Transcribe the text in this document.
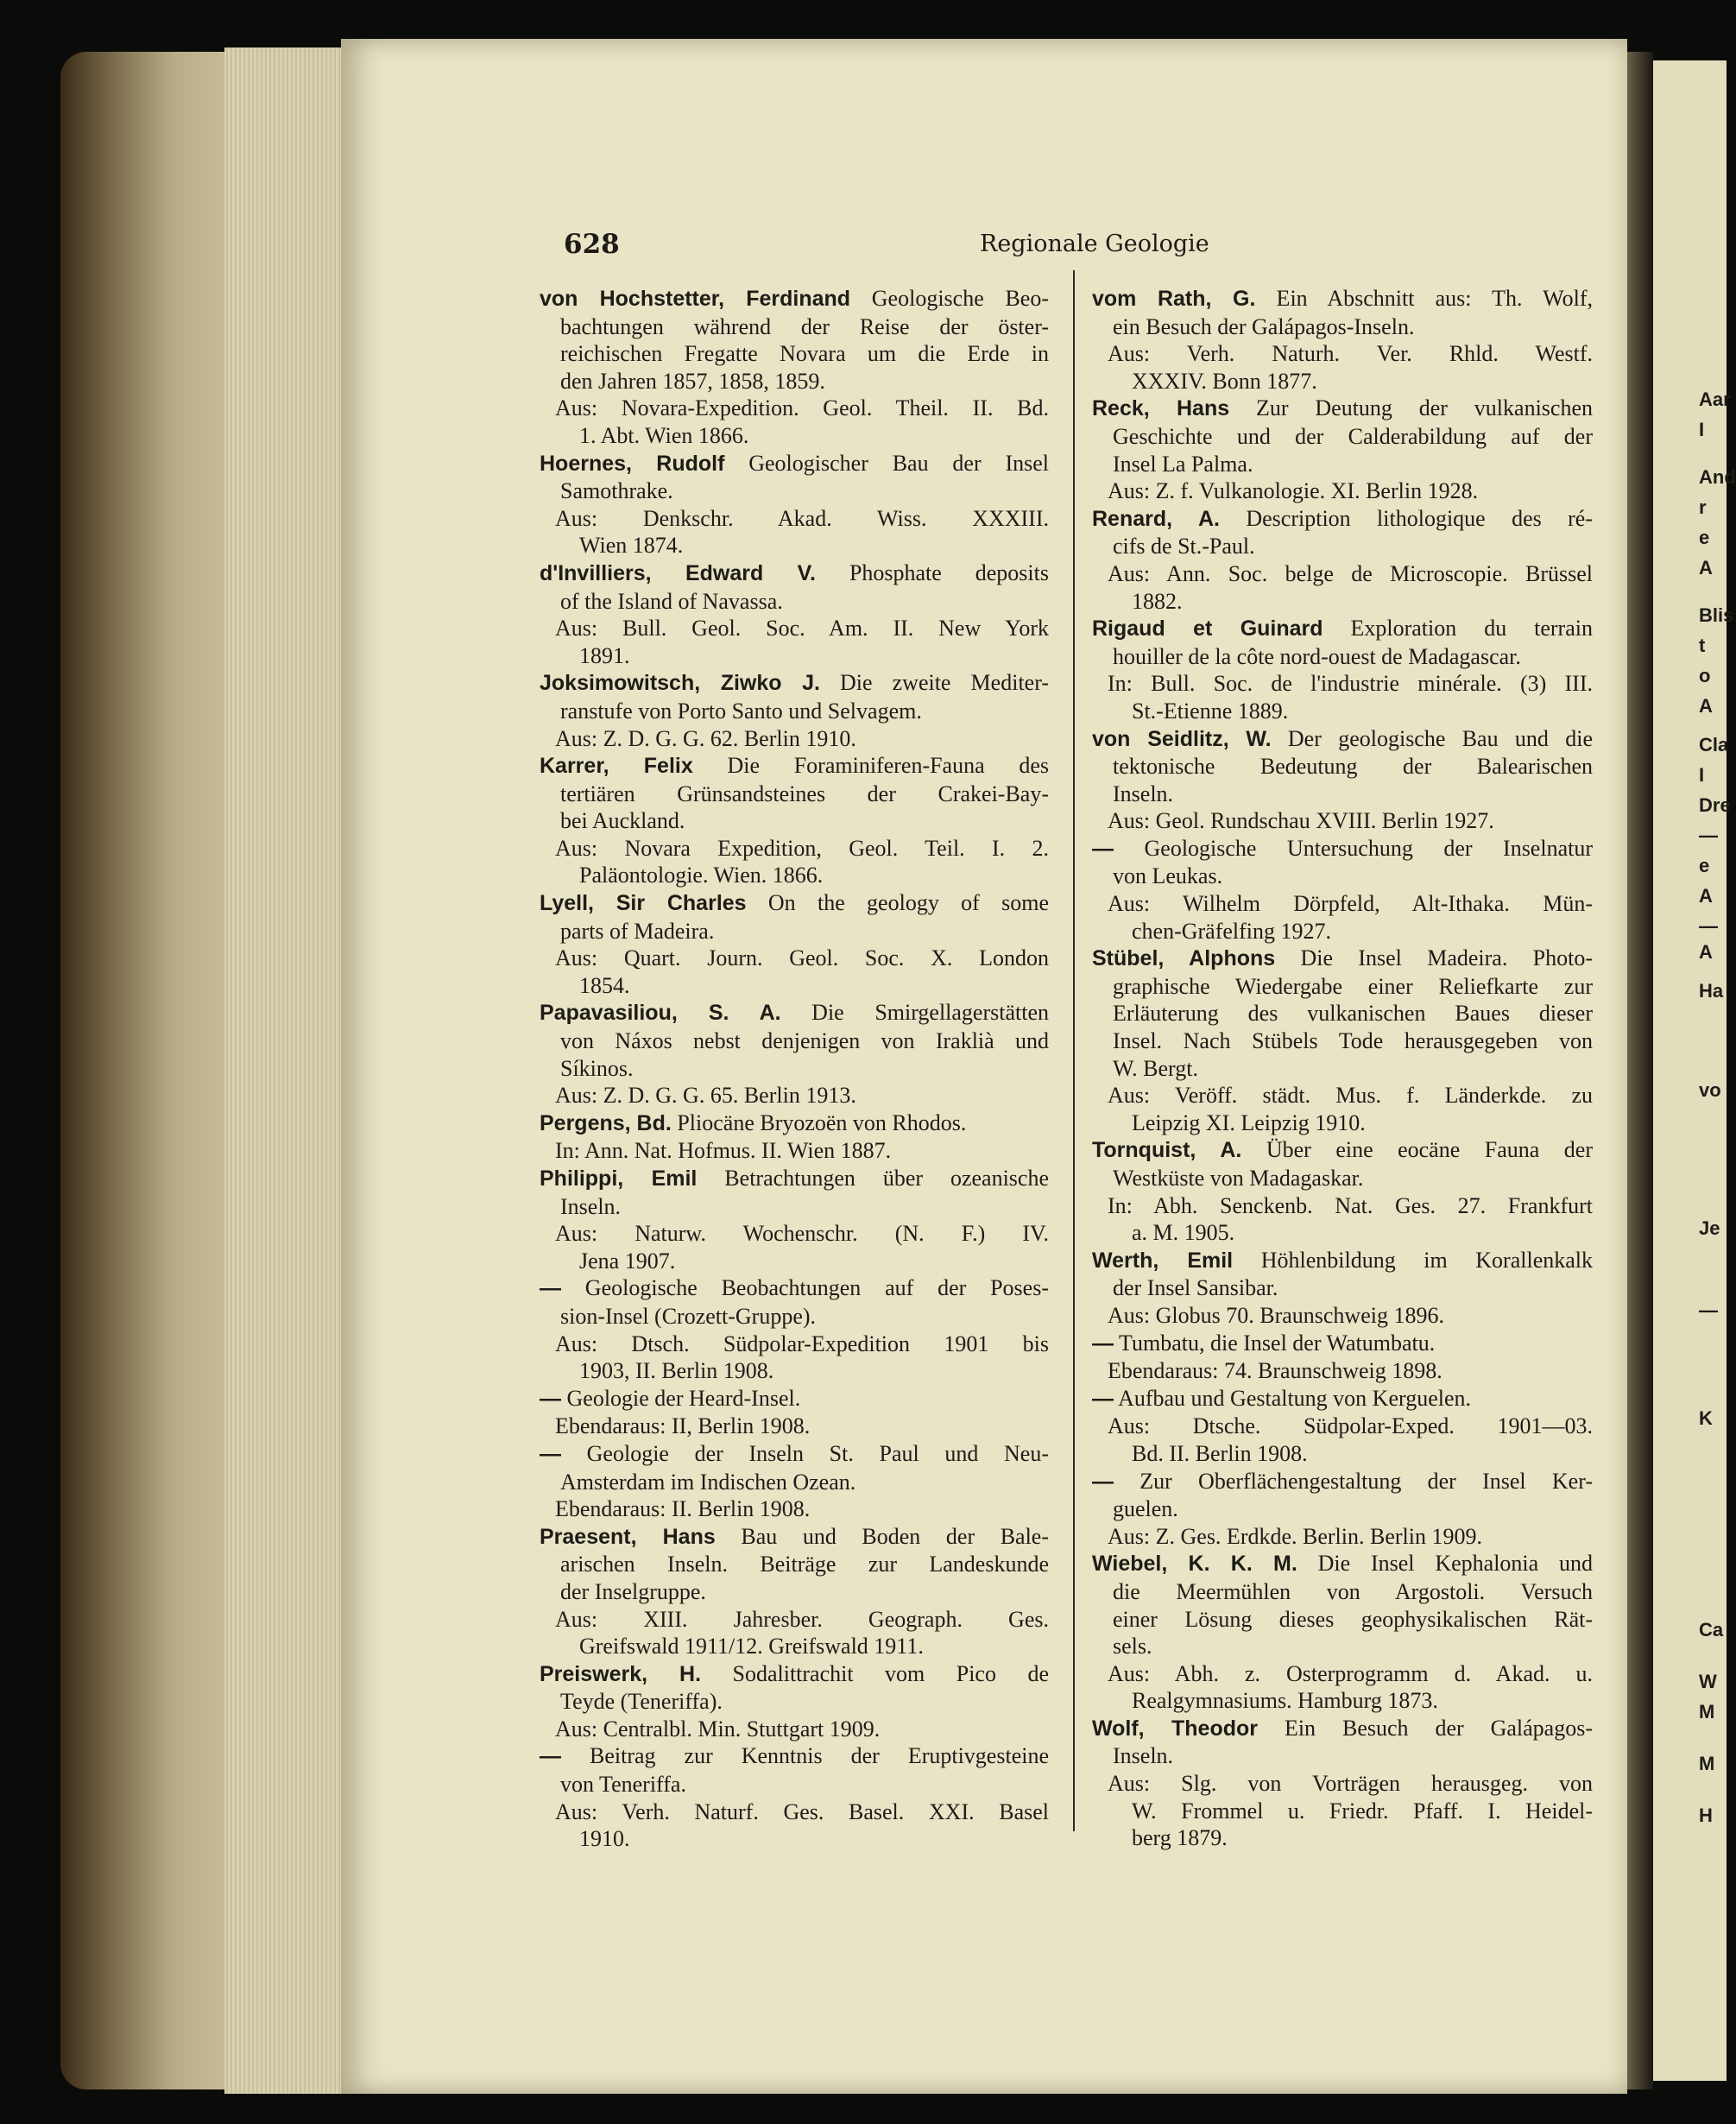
628	Regionale Geologie
von Hochstetter, Ferdinand Geologische Beo-
bachtungen während der Reise der öster-
reichischen Fregatte Novara um die Erde in
den Jahren 1857, 1858, 1859.
Aus: Novara-Expedition. Geol. Theil. II. Bd.
1. Abt. Wien 1866.
Hoernes, Rudolf Geologischer Bau der Insel
Samothrake.
Aus: Denkschr. Akad. Wiss. XXXIII.
Wien 1874.
d'Invilliers, Edward V. Phosphate deposits
of the Island of Navassa.
Aus: Bull. Geol. Soc. Am. II. New York
1891.
Joksimowitsch, Ziwko J. Die zweite Mediter-
ranstufe von Porto Santo und Selvagem.
Aus: Z. D. G. G. 62. Berlin 1910.
Karrer, Felix Die Foraminiferen-Fauna des
tertiären Grünsandsteines der Crakei-Bay-
bei Auckland.
Aus: Novara Expedition, Geol. Teil. I. 2.
Paläontologie. Wien. 1866.
Lyell, Sir Charles On the geology of some
parts of Madeira.
Aus: Quart. Journ. Geol. Soc. X. London
1854.
Papavasiliou, S. A. Die Smirgellagerstätten
von Náxos nebst denjenigen von Iraklià und
Síkinos.
Aus: Z. D. G. G. 65. Berlin 1913.
Pergens, Bd. Pliocäne Bryozoën von Rhodos.
In: Ann. Nat. Hofmus. II. Wien 1887.
Philippi, Emil Betrachtungen über ozeanische
Inseln.
Aus: Naturw. Wochenschr. (N. F.) IV.
Jena 1907.
— Geologische Beobachtungen auf der Poses-
sion-Insel (Crozett-Gruppe).
Aus: Dtsch. Südpolar-Expedition 1901 bis
1903, II. Berlin 1908.
— Geologie der Heard-Insel.
Ebendaraus: II, Berlin 1908.
— Geologie der Inseln St. Paul und Neu-
Amsterdam im Indischen Ozean.
Ebendaraus: II. Berlin 1908.
Praesent, Hans Bau und Boden der Bale-
arischen Inseln. Beiträge zur Landeskunde
der Inselgruppe.
Aus: XIII. Jahresber. Geograph. Ges.
Greifswald 1911/12. Greifswald 1911.
Preiswerk, H. Sodalittrachit vom Pico de
Teyde (Teneriffa).
Aus: Centralbl. Min. Stuttgart 1909.
— Beitrag zur Kenntnis der Eruptivgesteine
von Teneriffa.
Aus: Verh. Naturf. Ges. Basel. XXI. Basel
1910.
vom Rath, G. Ein Abschnitt aus: Th. Wolf,
ein Besuch der Galápagos-Inseln.
Aus: Verh. Naturh. Ver. Rhld. Westf.
XXXIV. Bonn 1877.
Reck, Hans Zur Deutung der vulkanischen
Geschichte und der Calderabildung auf der
Insel La Palma.
Aus: Z. f. Vulkanologie. XI. Berlin 1928.
Renard, A. Description lithologique des ré-
cifs de St.-Paul.
Aus: Ann. Soc. belge de Microscopie. Brüssel
1882.
Rigaud et Guinard Exploration du terrain
houiller de la côte nord-ouest de Madagascar.
In: Bull. Soc. de l'industrie minérale. (3) III.
St.-Etienne 1889.
von Seidlitz, W. Der geologische Bau und die
tektonische Bedeutung der Balearischen
Inseln.
Aus: Geol. Rundschau XVIII. Berlin 1927.
— Geologische Untersuchung der Inselnatur
von Leukas.
Aus: Wilhelm Dörpfeld, Alt-Ithaka. Mün-
chen-Gräfelfing 1927.
Stübel, Alphons Die Insel Madeira. Photo-
graphische Wiedergabe einer Reliefkarte zur
Erläuterung des vulkanischen Baues dieser
Insel. Nach Stübels Tode herausgegeben von
W. Bergt.
Aus: Veröff. städt. Mus. f. Länderkde. zu
Leipzig XI. Leipzig 1910.
Tornquist, A. Über eine eocäne Fauna der
Westküste von Madagaskar.
In: Abh. Senckenb. Nat. Ges. 27. Frankfurt
a. M. 1905.
Werth, Emil Höhlenbildung im Korallenkalk
der Insel Sansibar.
Aus: Globus 70. Braunschweig 1896.
— Tumbatu, die Insel der Watumbatu.
Ebendaraus: 74. Braunschweig 1898.
— Aufbau und Gestaltung von Kerguelen.
Aus: Dtsche. Südpolar-Exped. 1901—03.
Bd. II. Berlin 1908.
— Zur Oberflächengestaltung der Insel Ker-
guelen.
Aus: Z. Ges. Erdkde. Berlin. Berlin 1909.
Wiebel, K. K. M. Die Insel Kephalonia und
die Meermühlen von Argostoli. Versuch
einer Lösung dieses geophysikalischen Rät-
sels.
Aus: Abh. z. Osterprogramm d. Akad. u.
Realgymnasiums. Hamburg 1873.
Wolf, Theodor Ein Besuch der Galápagos-
Inseln.
Aus: Slg. von Vorträgen herausgeg. von
W. Frommel u. Friedr. Pfaff. I. Heidel-
berg 1879.
Aar
I
And
r
e
A
Blis
t
o
A
Cla
I
Dre
—
e
A
—
A
Ha
vo
Je
—
K
Ca
W
M
M
H
